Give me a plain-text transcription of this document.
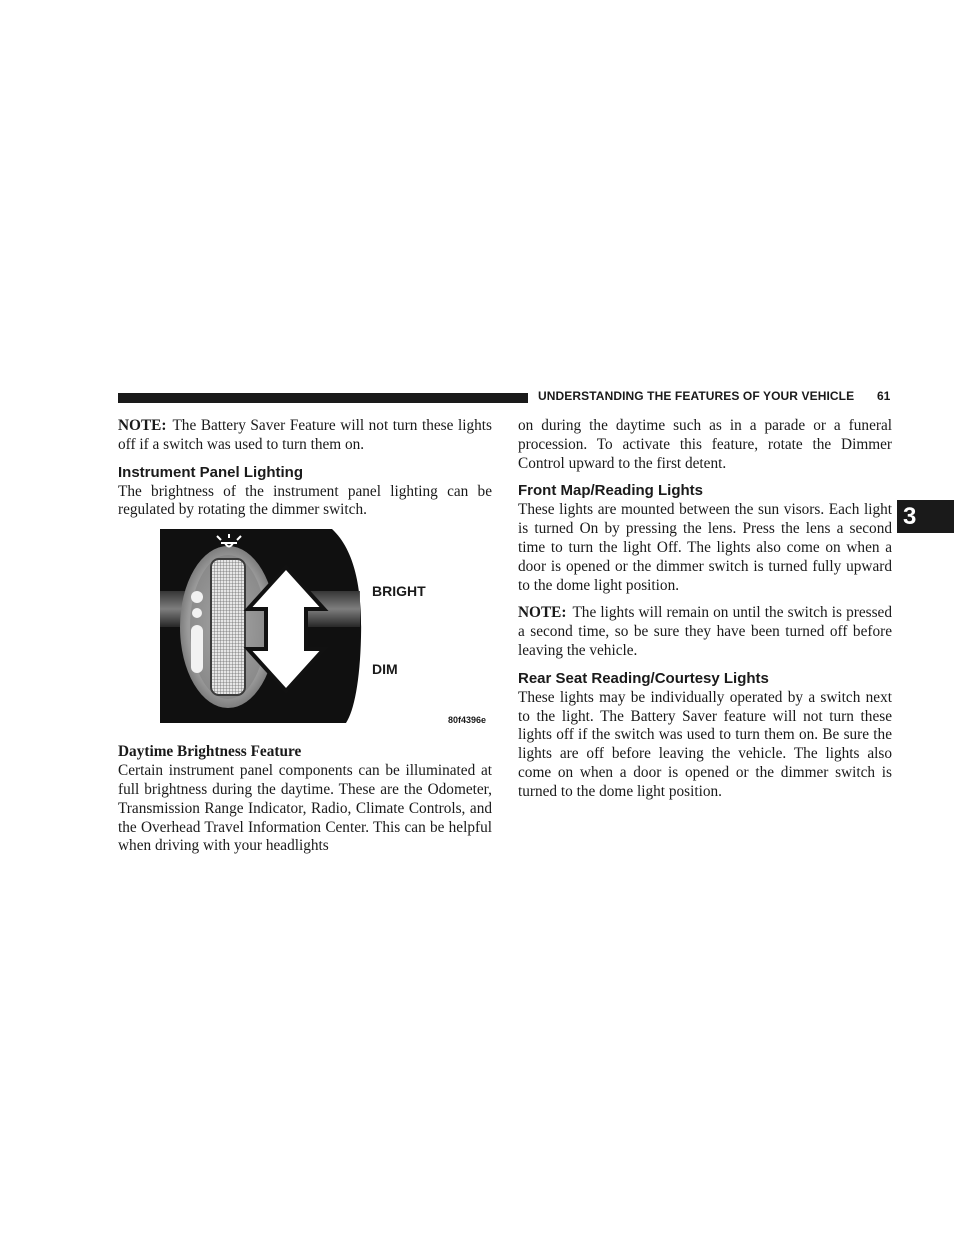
UNDERSTANDING THE FEATURES OF YOUR VEHICLE 61
3

NOTE: The Battery Saver Feature will not turn these lights off if a switch was used to turn them on.

Instrument Panel Lighting

The brightness of the instrument panel lighting can be regulated by rotating the dimmer switch.

BRIGHT
DIM
80f4396e
Daytime Brightness Feature

Certain instrument panel components can be illuminated at full brightness during the daytime. These are the Odometer, Transmission Range Indicator, Radio, Climate Controls, and the Overhead Travel Information Center. This can be helpful when driving with your headlights

on during the daytime such as in a parade or a funeral procession. To activate this feature, rotate the Dimmer Control upward to the first detent.

Front Map/Reading Lights

These lights are mounted between the sun visors. Each light is turned On by pressing the lens. Press the lens a second time to turn the light Off. The lights also come on when a door is opened or the dimmer switch is turned fully upward to the dome light position.

NOTE: The lights will remain on until the switch is pressed a second time, so be sure they have been turned off before leaving the vehicle.

Rear Seat Reading/Courtesy Lights

These lights may be individually operated by a switch next to the light. The Battery Saver feature will not turn these lights off if the switch was used to turn them on. Be sure the lights are off before leaving the vehicle. The lights also come on when a door is opened or the dimmer switch is turned to the dome light position.
